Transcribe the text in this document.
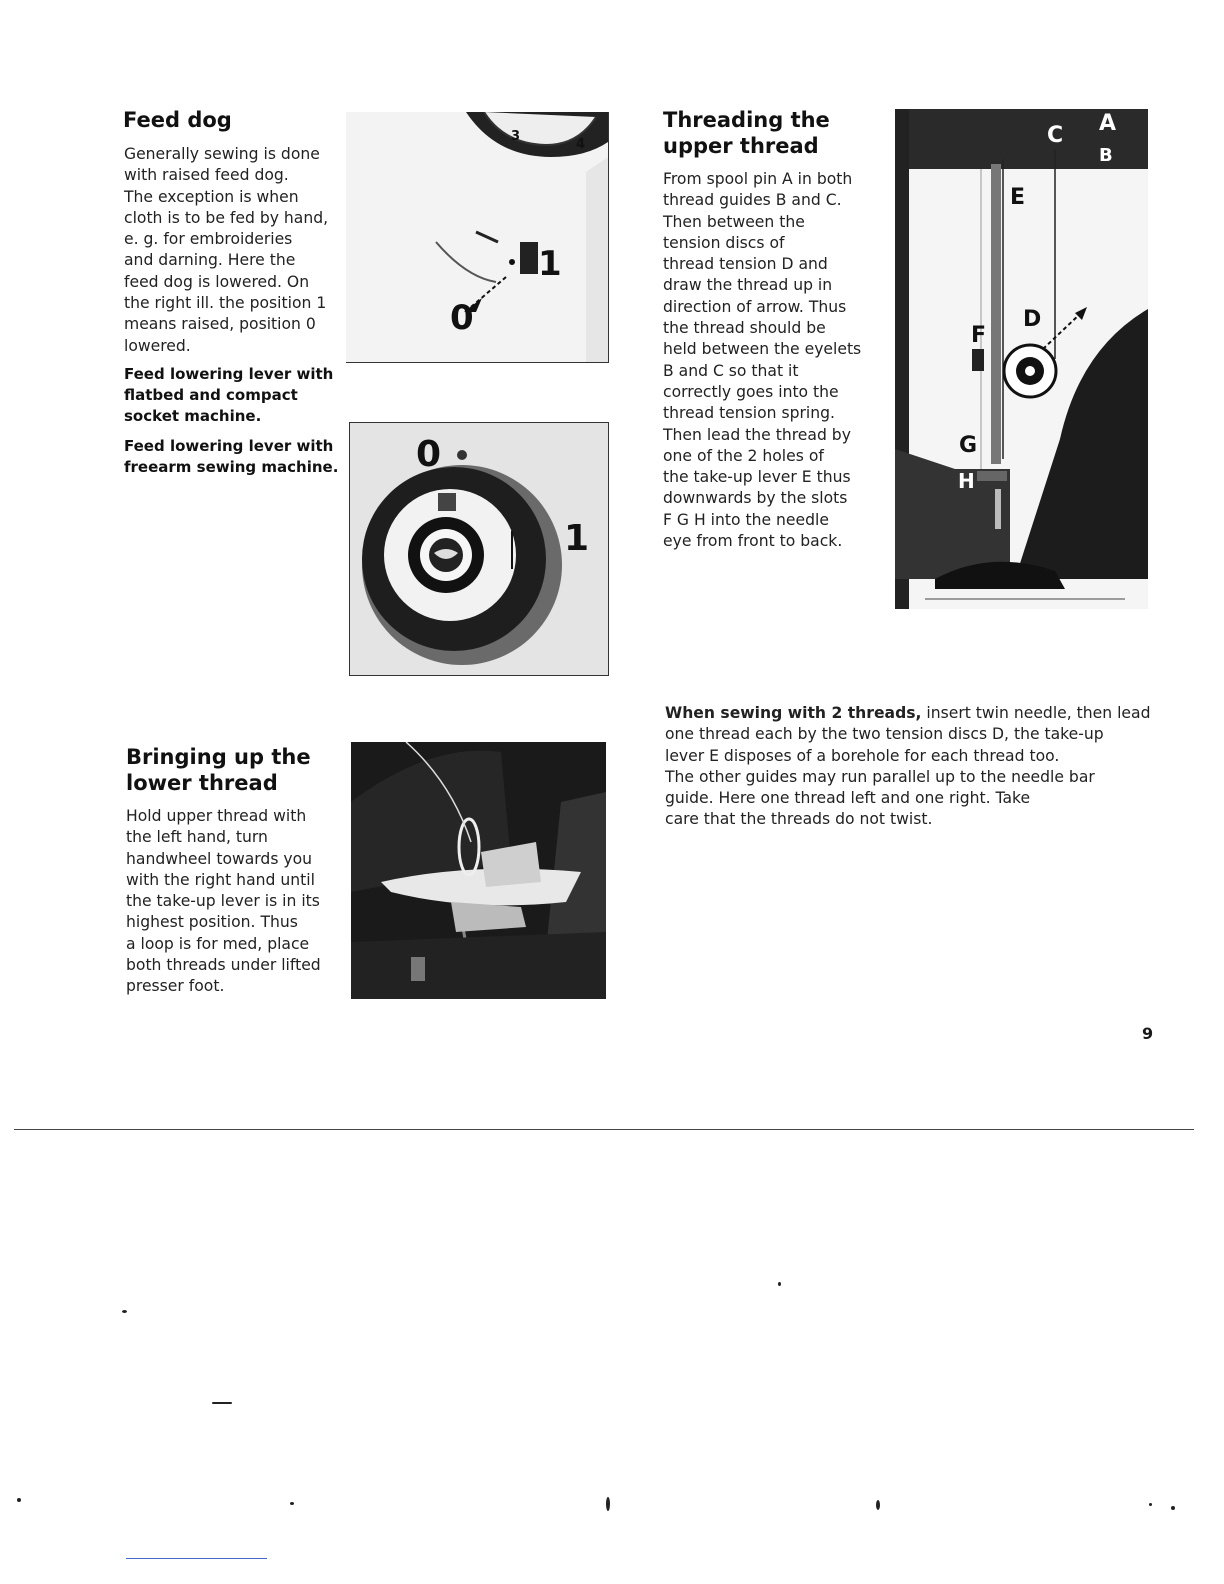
Feed dog
Generally sewing is done
with raised feed dog.
The exception is when
cloth is to be fed by hand,
e. g. for embroideries
and darning. Here the
feed dog is lowered. On
the right ill. the position 1
means raised, position 0
lowered.
Feed lowering lever with
flatbed and compact
socket machine.
Feed lowering lever with
freearm sewing machine.
3
4
1
0
0
1
Threading the
upper thread
From spool pin A in both
thread guides B and C.
Then between the
tension discs of
thread tension D and
draw the thread up in
direction of arrow. Thus
the thread should be
held between the eyelets
B and C so that it
correctly goes into the
thread tension spring.
Then lead the thread by
one of the 2 holes of
the take-up lever E thus
downwards by the slots
F G H into the needle
eye from front to back.
C A
B
E
D
F
G
H
When sewing with 2 threads, insert twin needle, then lead
one thread each by the two tension discs D, the take-up
lever E disposes of a borehole for each thread too.
The other guides may run parallel up to the needle bar
guide. Here one thread left and one right. Take
care that the threads do not twist.
Bringing up the
lower thread
Hold upper thread with
the left hand, turn
handwheel towards you
with the right hand until
the take-up lever is in its
highest position. Thus
a loop is for med, place
both threads under lifted
presser foot.
9
